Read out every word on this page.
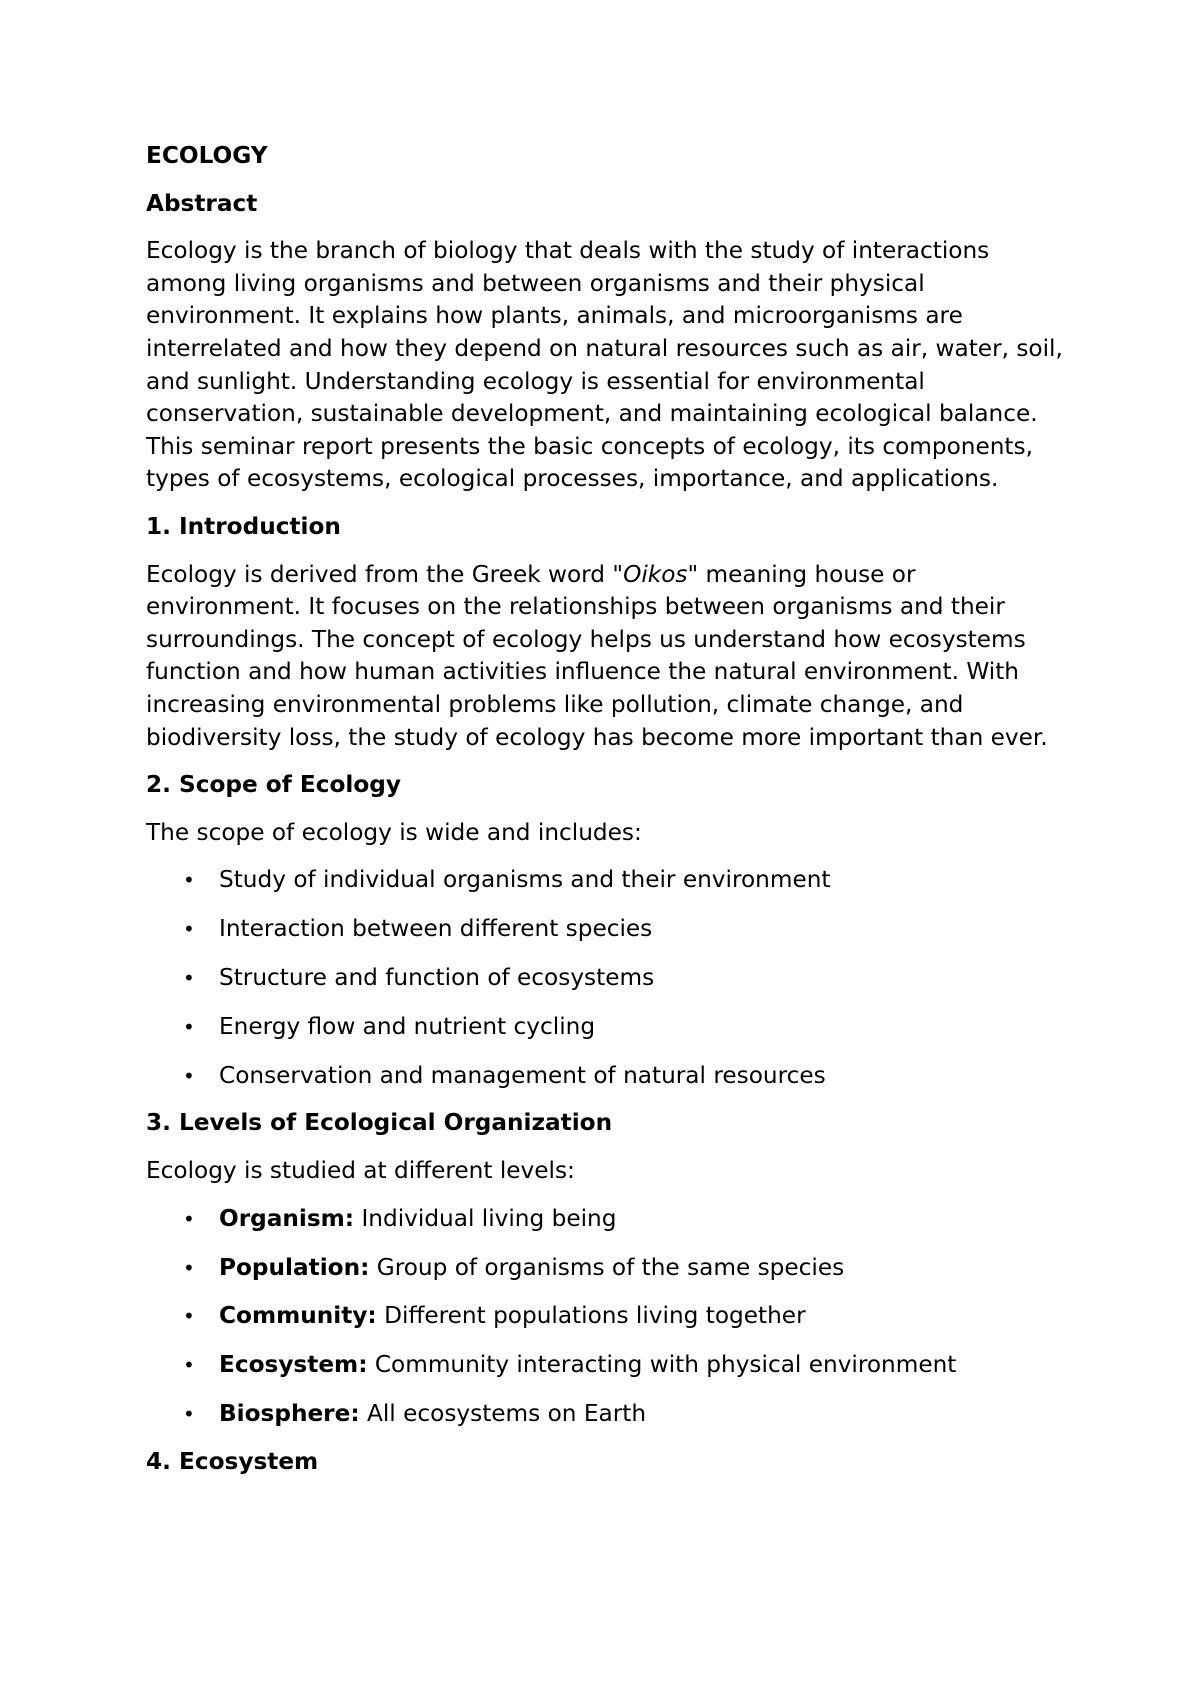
ECOLOGY
Abstract
Ecology is the branch of biology that deals with the study of interactions among living organisms and between organisms and their physical environment. It explains how plants, animals, and microorganisms are interrelated and how they depend on natural resources such as air, water, soil, and sunlight. Understanding ecology is essential for environmental conservation, sustainable development, and maintaining ecological balance. This seminar report presents the basic concepts of ecology, its components, types of ecosystems, ecological processes, importance, and applications.
1. Introduction
Ecology is derived from the Greek word "Oikos" meaning house or environment. It focuses on the relationships between organisms and their surroundings. The concept of ecology helps us understand how ecosystems function and how human activities influence the natural environment. With increasing environmental problems like pollution, climate change, and biodiversity loss, the study of ecology has become more important than ever.
2. Scope of Ecology
The scope of ecology is wide and includes:
• Study of individual organisms and their environment
• Interaction between different species
• Structure and function of ecosystems
• Energy flow and nutrient cycling
• Conservation and management of natural resources
3. Levels of Ecological Organization
Ecology is studied at different levels:
• Organism: Individual living being
• Population: Group of organisms of the same species
• Community: Different populations living together
• Ecosystem: Community interacting with physical environment
• Biosphere: All ecosystems on Earth
4. Ecosystem
